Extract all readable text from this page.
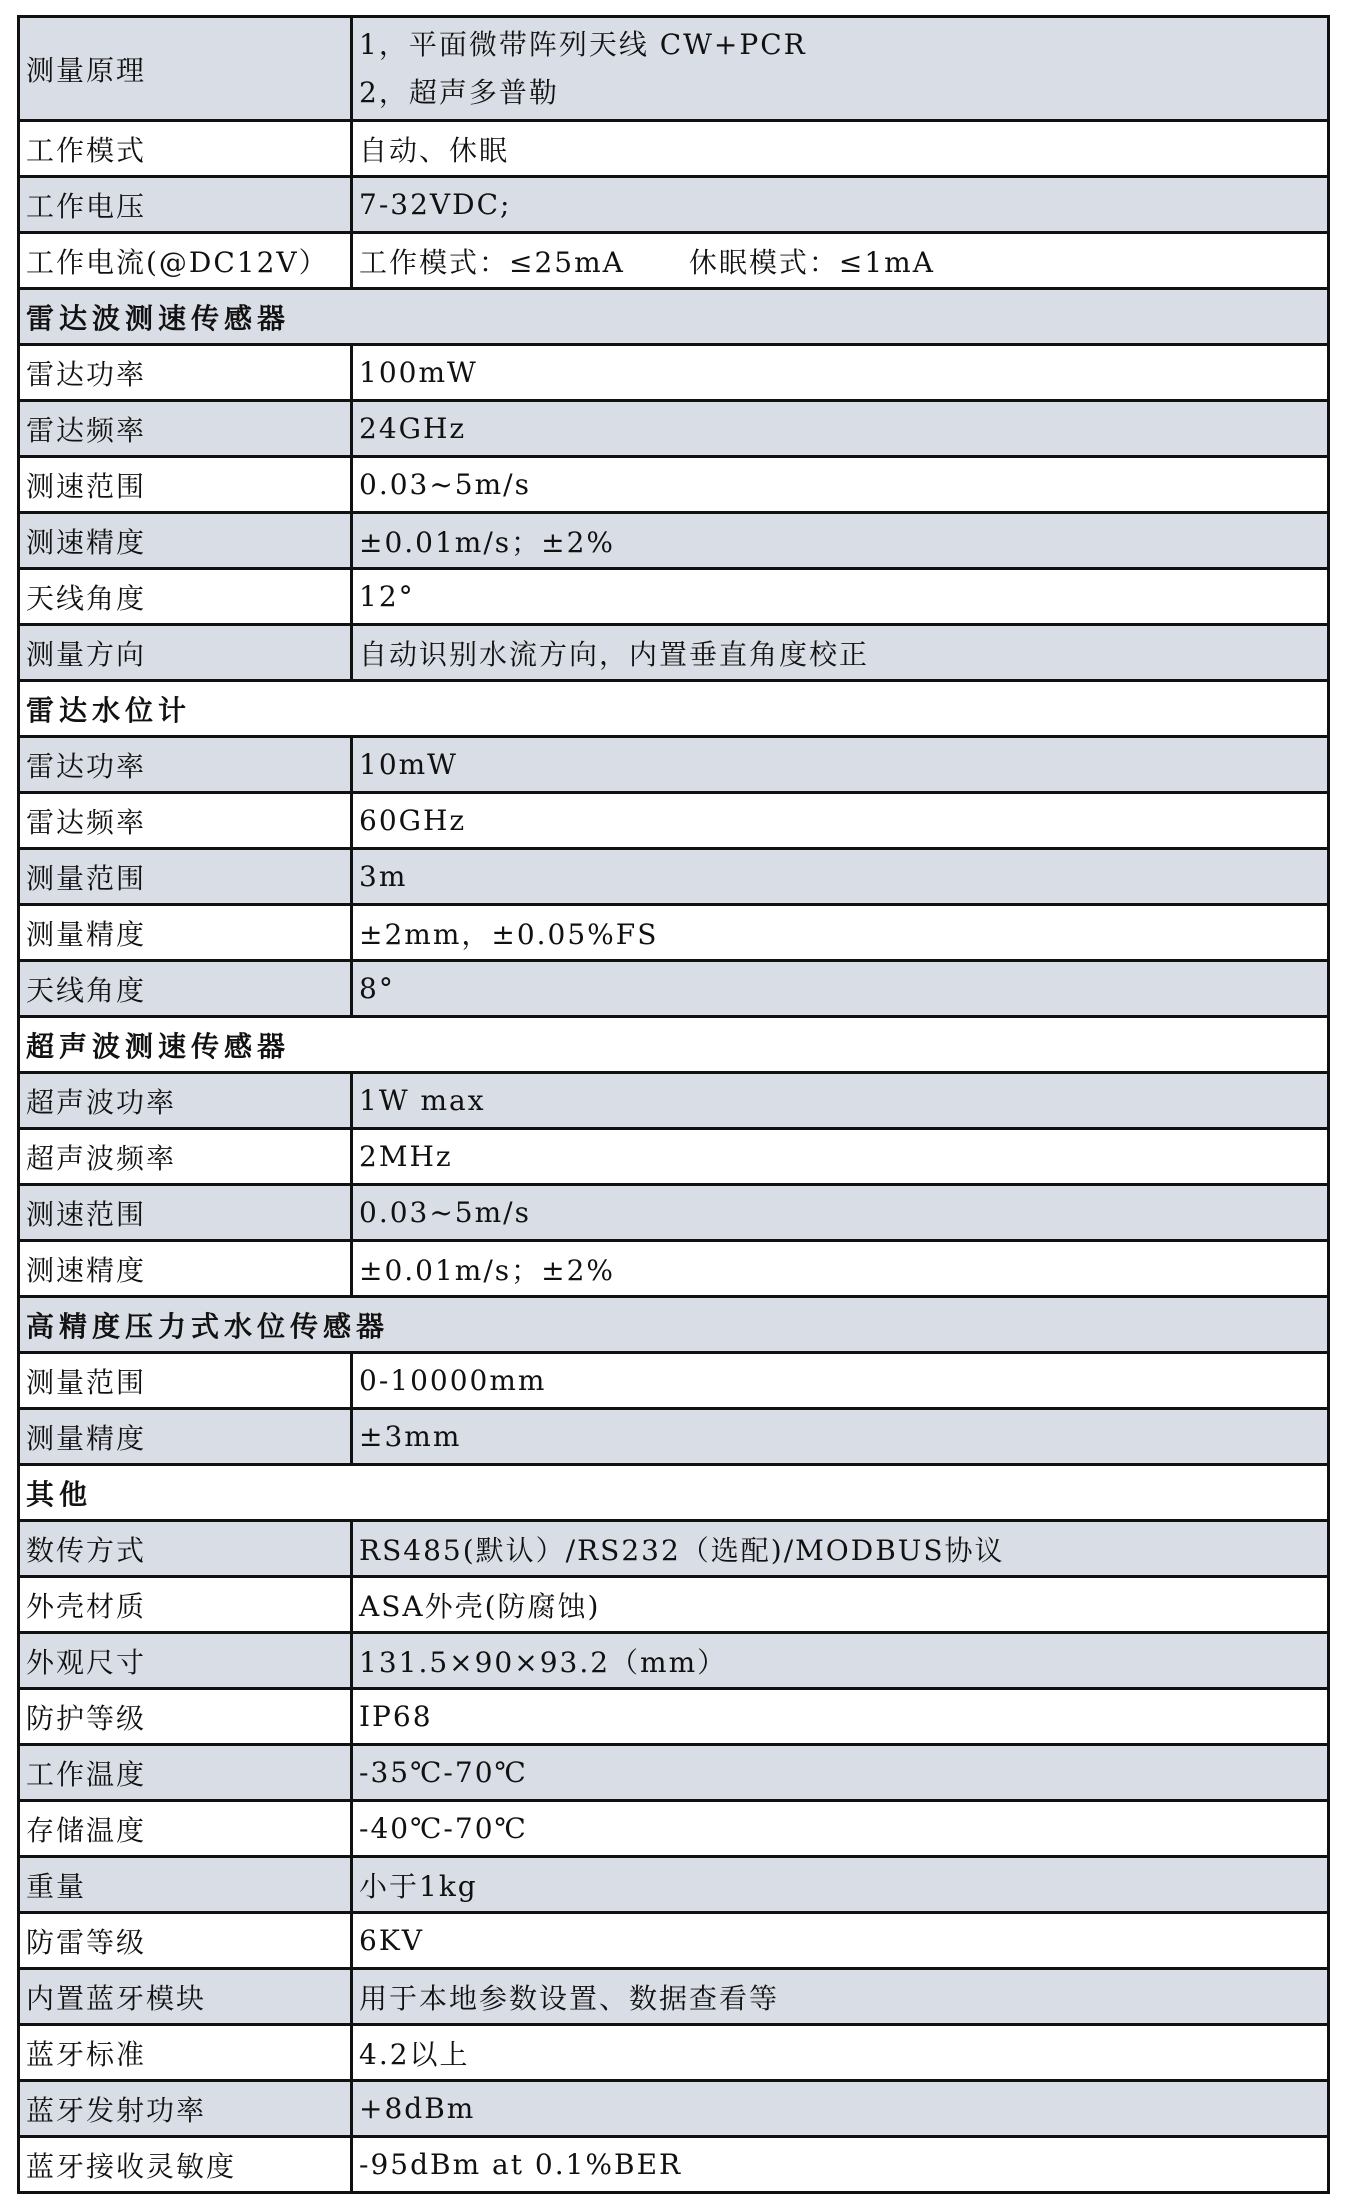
测量原理	1，平面微带阵列天线 CW+PCR
2，超声多普勒

工作模式	自动、休眠
工作电压	7-32VDC;
工作电流(@DC12V）	工作模式：≤25mA 休眠模式：≤1mA
雷达波测速传感器	
雷达功率	100mW
雷达频率	24GHz
测速范围	0.03~5m/s
测速精度	±0.01m/s；±2%
天线角度	12°
测量方向	自动识别水流方向，内置垂直角度校正
雷达水位计	
雷达功率	10mW
雷达频率	60GHz
测量范围	3m
测量精度	±2mm，±0.05%FS
天线角度	8°
超声波测速传感器	
超声波功率	1W max
超声波频率	2MHz
测速范围	0.03~5m/s
测速精度	±0.01m/s；±2%
高精度压力式水位传感器	
测量范围	0-10000mm
测量精度	±3mm
其他	
数传方式	RS485(默认）/RS232（选配)/MODBUS协议
外壳材质	ASA外壳(防腐蚀)
外观尺寸	131.5×90×93.2（mm）
防护等级	IP68
工作温度	-35℃-70℃
存储温度	-40℃-70℃
重量	小于1kg
防雷等级	6KV
内置蓝牙模块	用于本地参数设置、数据查看等
蓝牙标准	4.2以上
蓝牙发射功率	+8dBm
蓝牙接收灵敏度	-95dBm at 0.1%BER
